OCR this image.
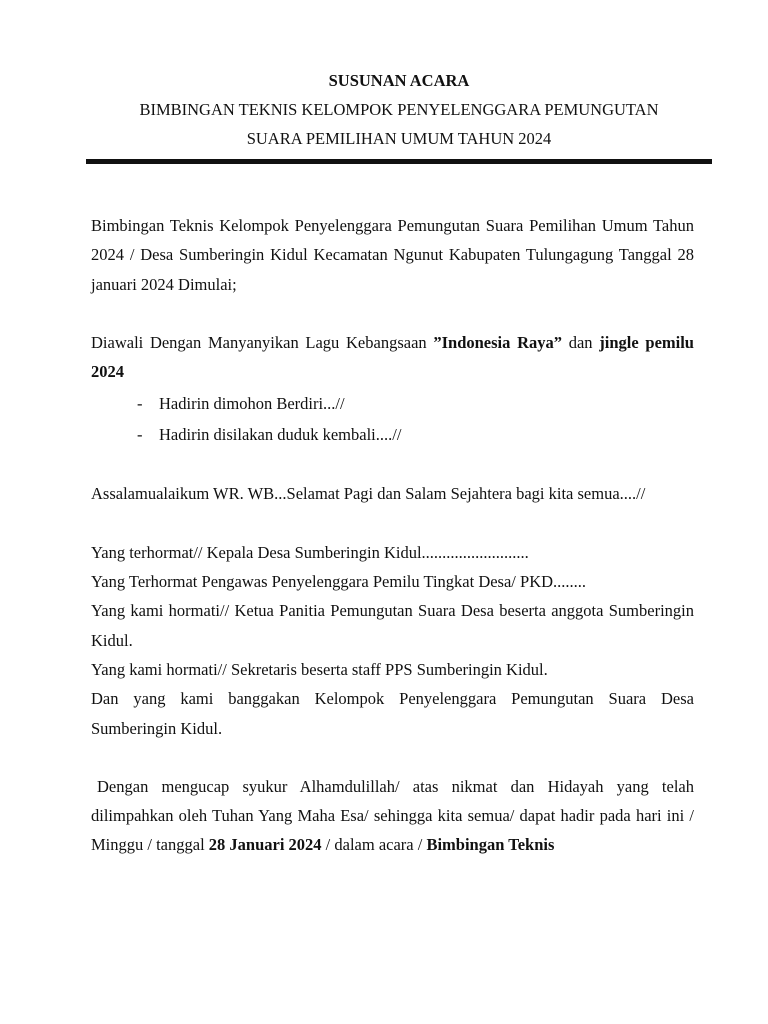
SUSUNAN ACARA
BIMBINGAN TEKNIS KELOMPOK PENYELENGGARA PEMUNGUTAN
SUARA PEMILIHAN UMUM TAHUN 2024

Bimbingan Teknis Kelompok Penyelenggara Pemungutan Suara Pemilihan Umum Tahun 2024 / Desa Sumberingin Kidul Kecamatan Ngunut Kabupaten Tulungagung Tanggal 28 januari 2024 Dimulai;

Diawali Dengan Manyanyikan Lagu Kebangsaan ”Indonesia Raya” dan jingle pemilu 2024

- Hadirin dimohon Berdiri...//
- Hadirin disilakan duduk kembali....//

Assalamualaikum WR. WB...Selamat Pagi dan Salam Sejahtera bagi kita semua....//

Yang terhormat// Kepala Desa Sumberingin Kidul..........................

Yang Terhormat Pengawas Penyelenggara Pemilu Tingkat Desa/ PKD........

Yang kami hormati// Ketua Panitia Pemungutan Suara Desa beserta anggota Sumberingin Kidul.

Yang kami hormati// Sekretaris beserta staff PPS Sumberingin Kidul.

Dan yang kami banggakan Kelompok Penyelenggara Pemungutan Suara Desa Sumberingin Kidul.

Dengan mengucap syukur Alhamdulillah/ atas nikmat dan Hidayah yang telah dilimpahkan oleh Tuhan Yang Maha Esa/ sehingga kita semua/ dapat hadir pada hari ini / Minggu / tanggal 28 Januari 2024 / dalam acara / Bimbingan Teknis
